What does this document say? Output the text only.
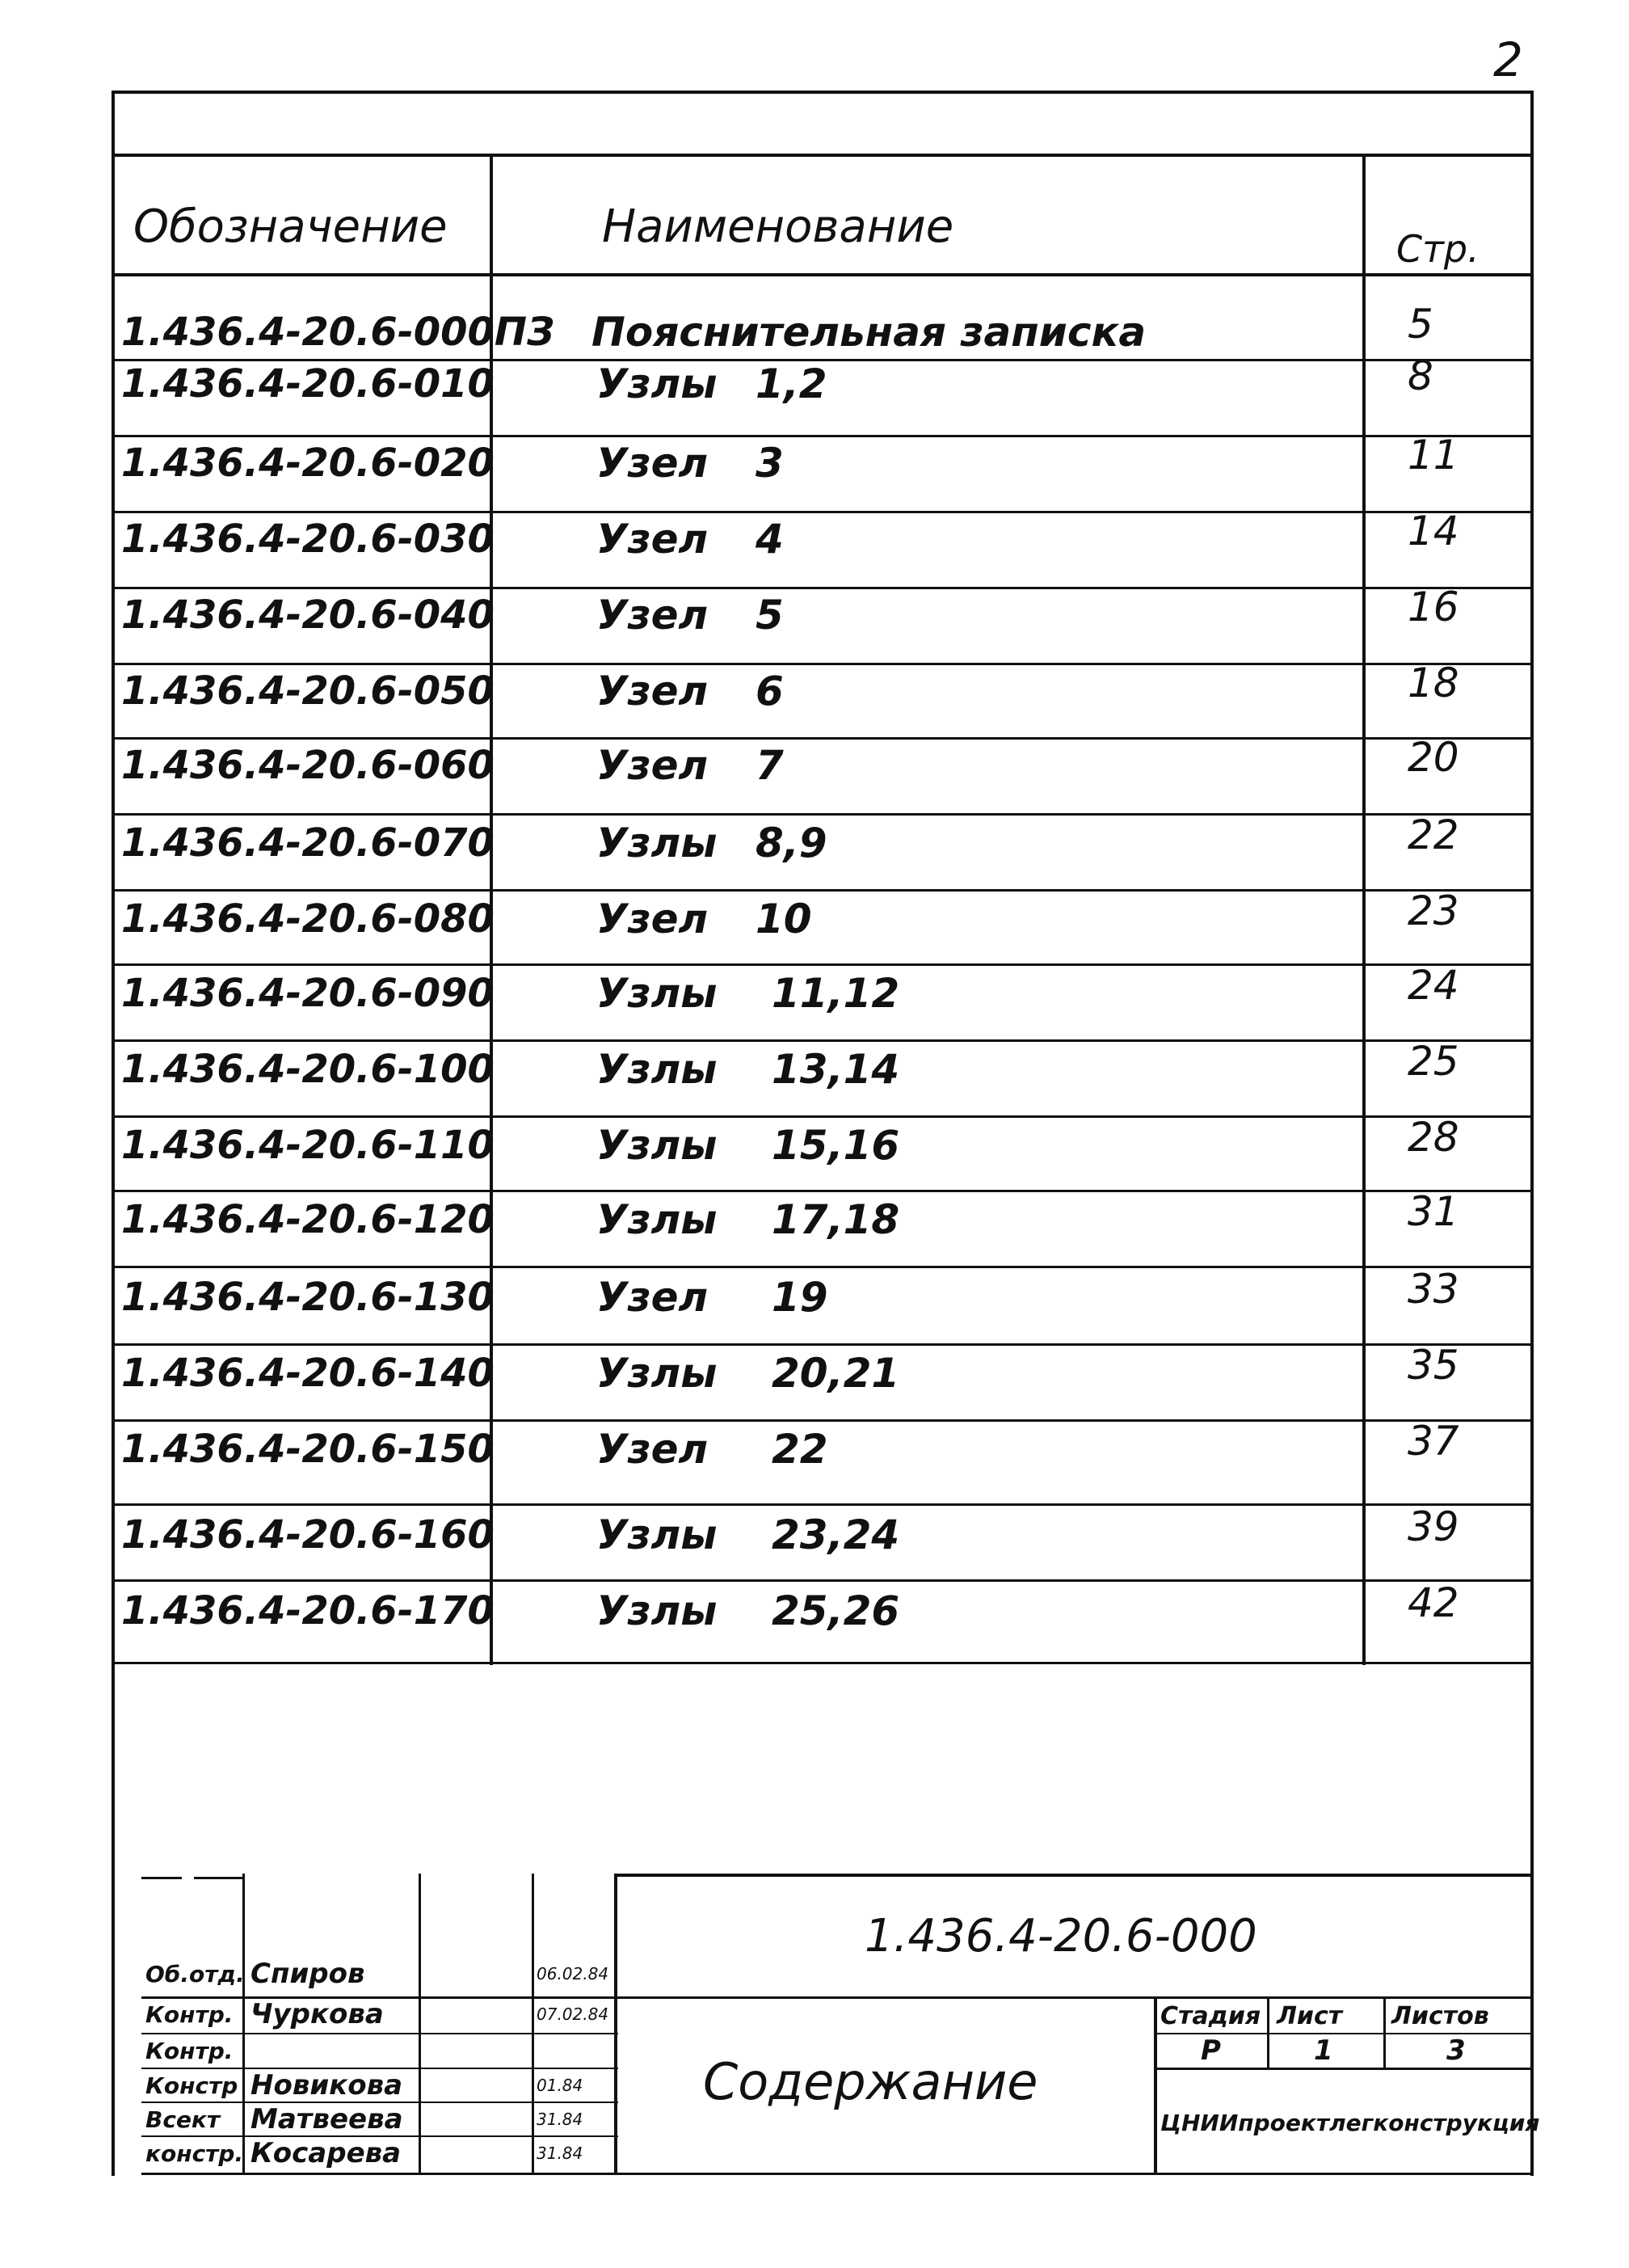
2
Обозначение	Наименование	Стр.
1.436.4-20.6-000ПЗ Пояснительная записка	5
1.436.4-20.6-010	Узлы 1,2	8
1.436.4-20.6-020	Узел 3	11
1.436.4-20.6-030	Узел 4	14
1.436.4-20.6-040	Узел 5	16
1.436.4-20.6-050	Узел 6	18
1.436.4-20.6-060	Узел 7	20
1.436.4-20.6-070	Узлы 8,9	22
1.436.4-20.6-080	Узел 10	23
1.436.4-20.6-090	Узлы 11,12	24
1.436.4-20.6-100	Узлы 13,14	25
1.436.4-20.6-110	Узлы 15,16	28
1.436.4-20.6-120	Узлы 17,18	31
1.436.4-20.6-130	Узел 19	33
1.436.4-20.6-140	Узлы 20,21	35
1.436.4-20.6-150	Узел 22	37
1.436.4-20.6-160	Узлы 23,24	39
1.436.4-20.6-170	Узлы 25,26	42
1.436.4-20.6-000
Содержание
Стадия Лист Листов
Р	1	3
ЦНИИпроектлегконструкция
Об.отд. Спиров	06.02.84
Контр. Чуркова	07.02.84
Контр.
Констр Новикова	01.84
Всект Матвеева	31.84
констр. Косарева	31.84
